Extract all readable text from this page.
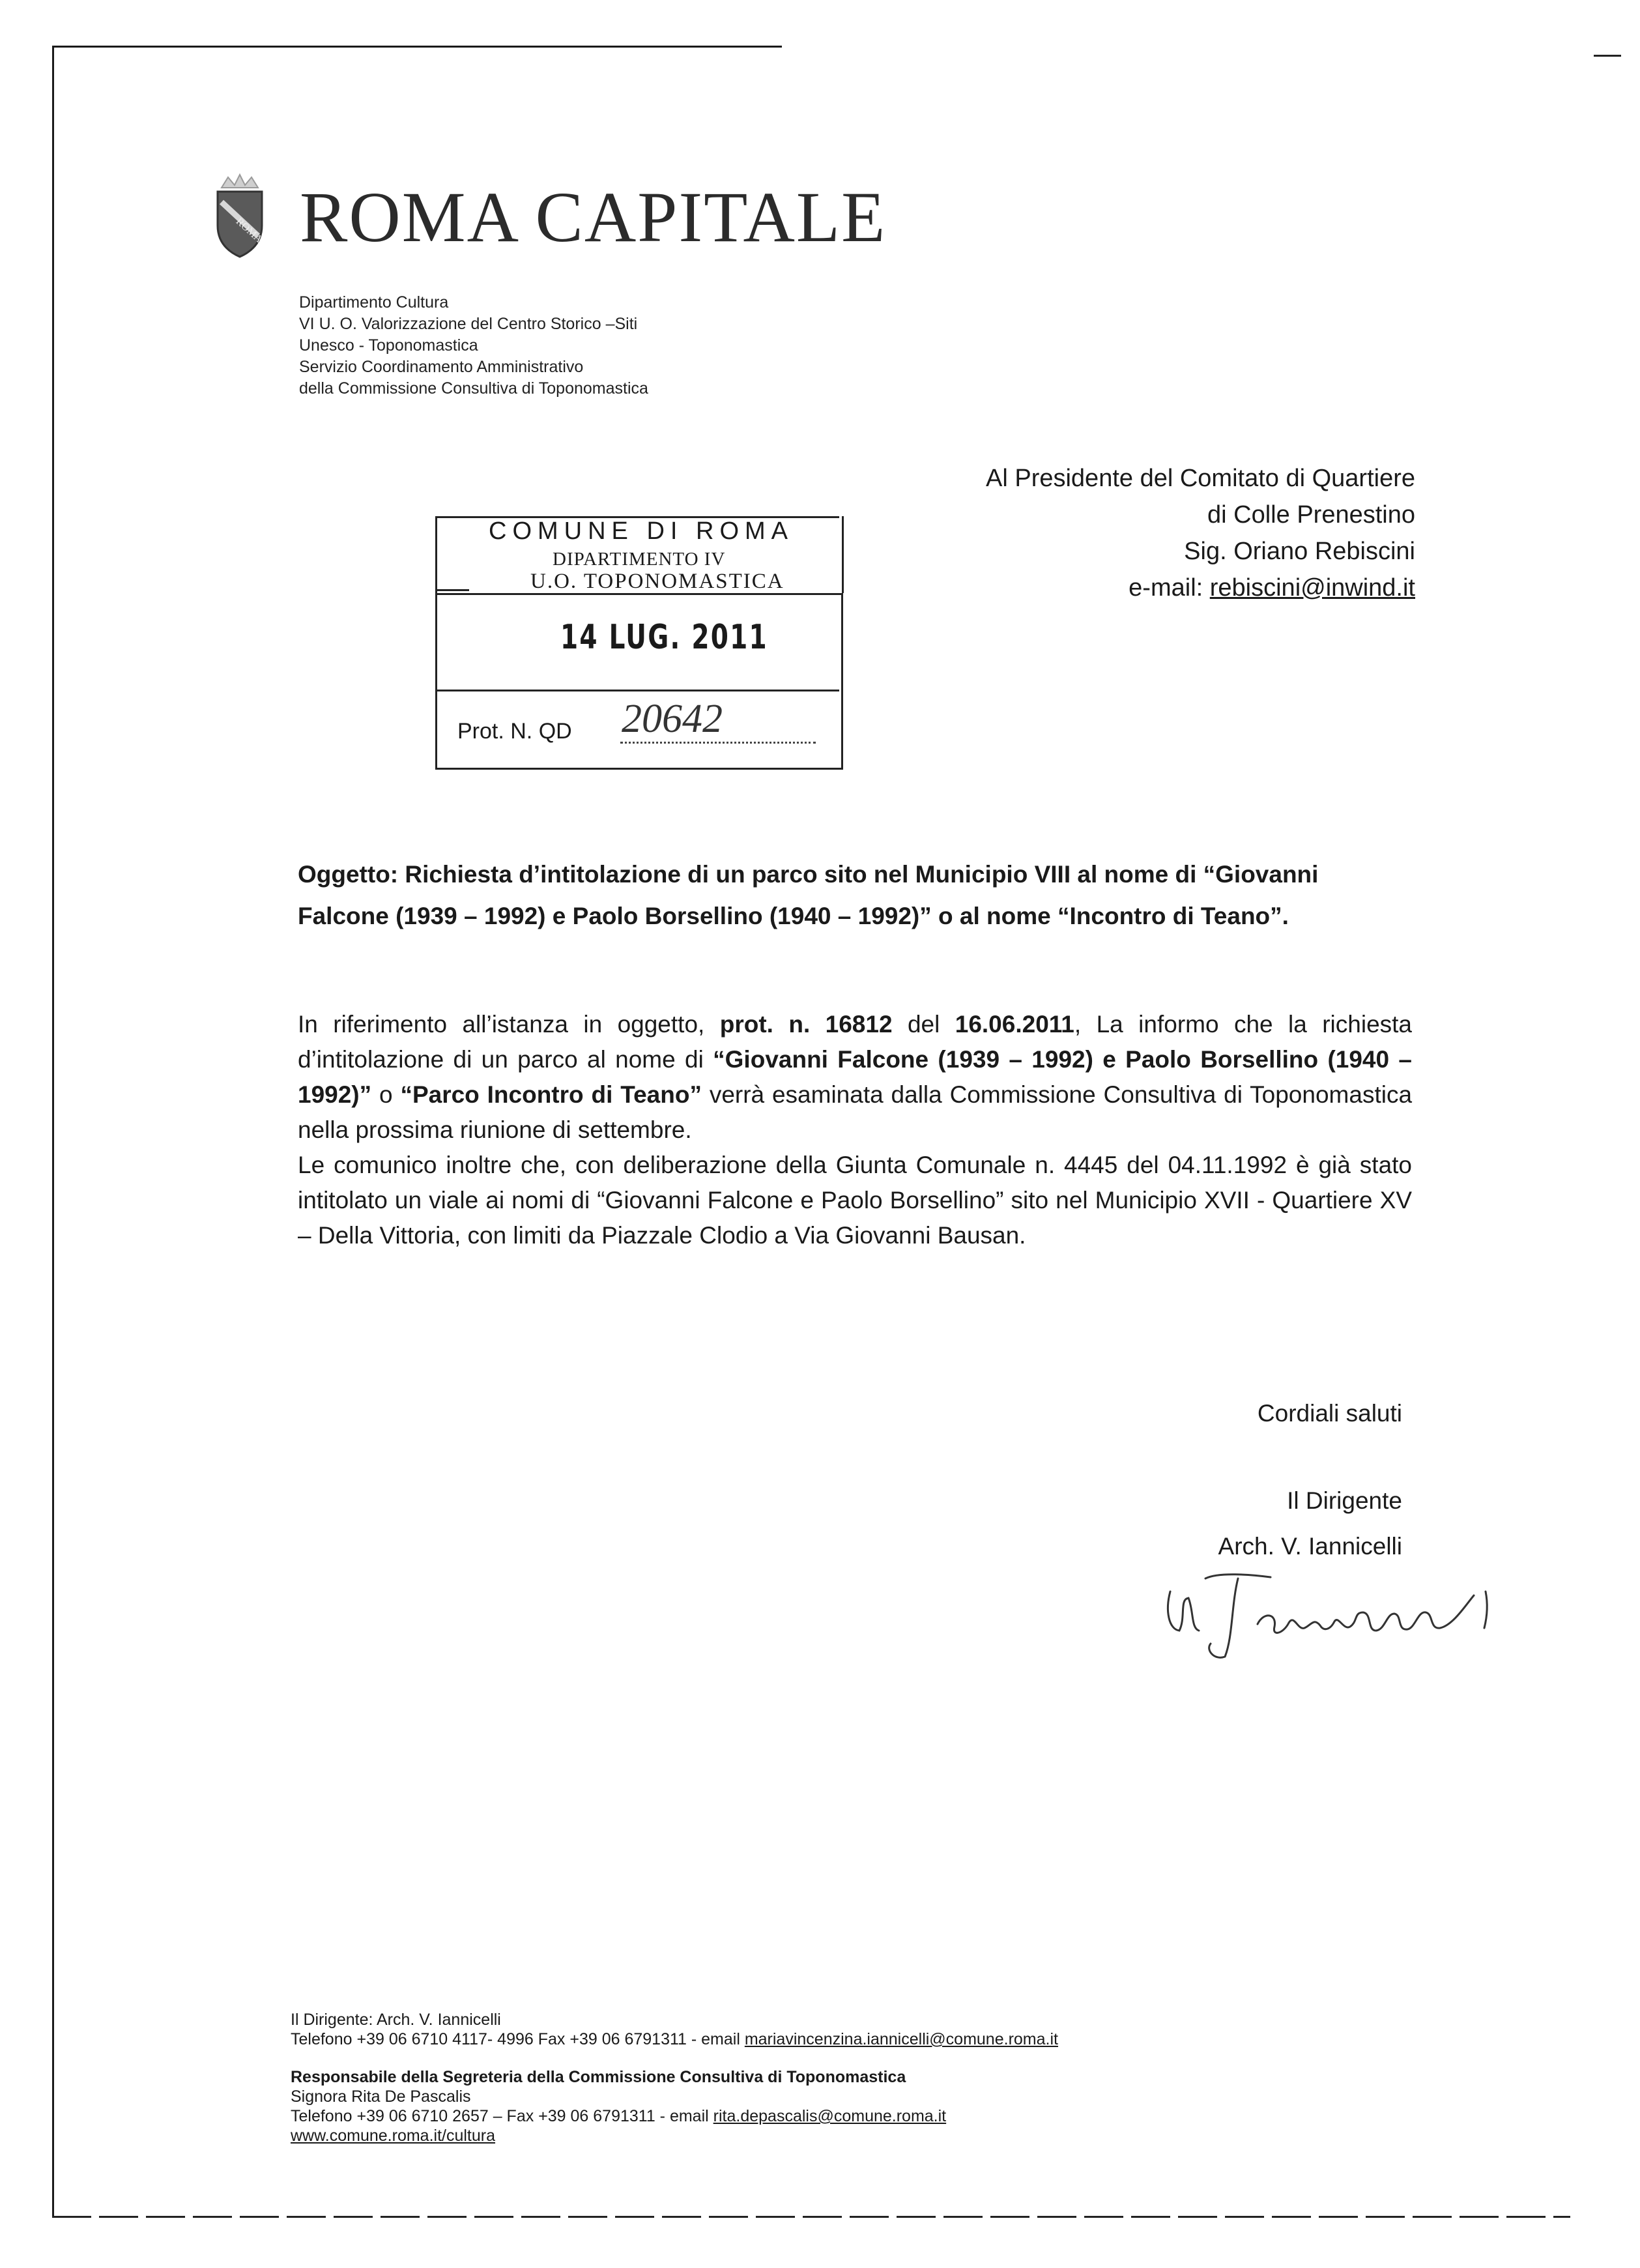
ROMA ROMA CAPITALE
Dipartimento Cultura
VI U. O. Valorizzazione del Centro Storico –Siti
Unesco - Toponomastica
Servizio Coordinamento Amministrativo
della Commissione Consultiva di Toponomastica
Al Presidente del Comitato di Quartiere
di Colle Prenestino
Sig. Oriano Rebiscini
e-mail: rebiscini@inwind.it
COMUNE DI ROMA
DIPARTIMENTO IV
U.O. TOPONOMASTICA
14 LUG. 2011
Prot. N. QD 20642
Oggetto: Richiesta d’intitolazione di un parco sito nel Municipio VIII al nome di “Giovanni Falcone (1939 – 1992) e Paolo Borsellino (1940 – 1992)” o al nome “Incontro di Teano”.
In riferimento all’istanza in oggetto, prot. n. 16812 del 16.06.2011, La informo che la richiesta d’intitolazione di un parco al nome di “Giovanni Falcone (1939 – 1992) e Paolo Borsellino (1940 – 1992)” o “Parco Incontro di Teano” verrà esaminata dalla Commissione Consultiva di Toponomastica nella prossima riunione di settembre.
Le comunico inoltre che, con deliberazione della Giunta Comunale n. 4445 del 04.11.1992 è già stato intitolato un viale ai nomi di “Giovanni Falcone e Paolo Borsellino” sito nel Municipio XVII - Quartiere XV – Della Vittoria, con limiti da Piazzale Clodio a Via Giovanni Bausan.
Cordiali saluti
Il Dirigente
Arch. V. Iannicelli
Il Dirigente: Arch. V. Iannicelli
Telefono +39 06 6710 4117- 4996 Fax +39 06 6791311 - email mariavincenzina.iannicelli@comune.roma.it
Responsabile della Segreteria della Commissione Consultiva di Toponomastica
Signora Rita De Pascalis
Telefono +39 06 6710 2657 – Fax +39 06 6791311 - email rita.depascalis@comune.roma.it
www.comune.roma.it/cultura
